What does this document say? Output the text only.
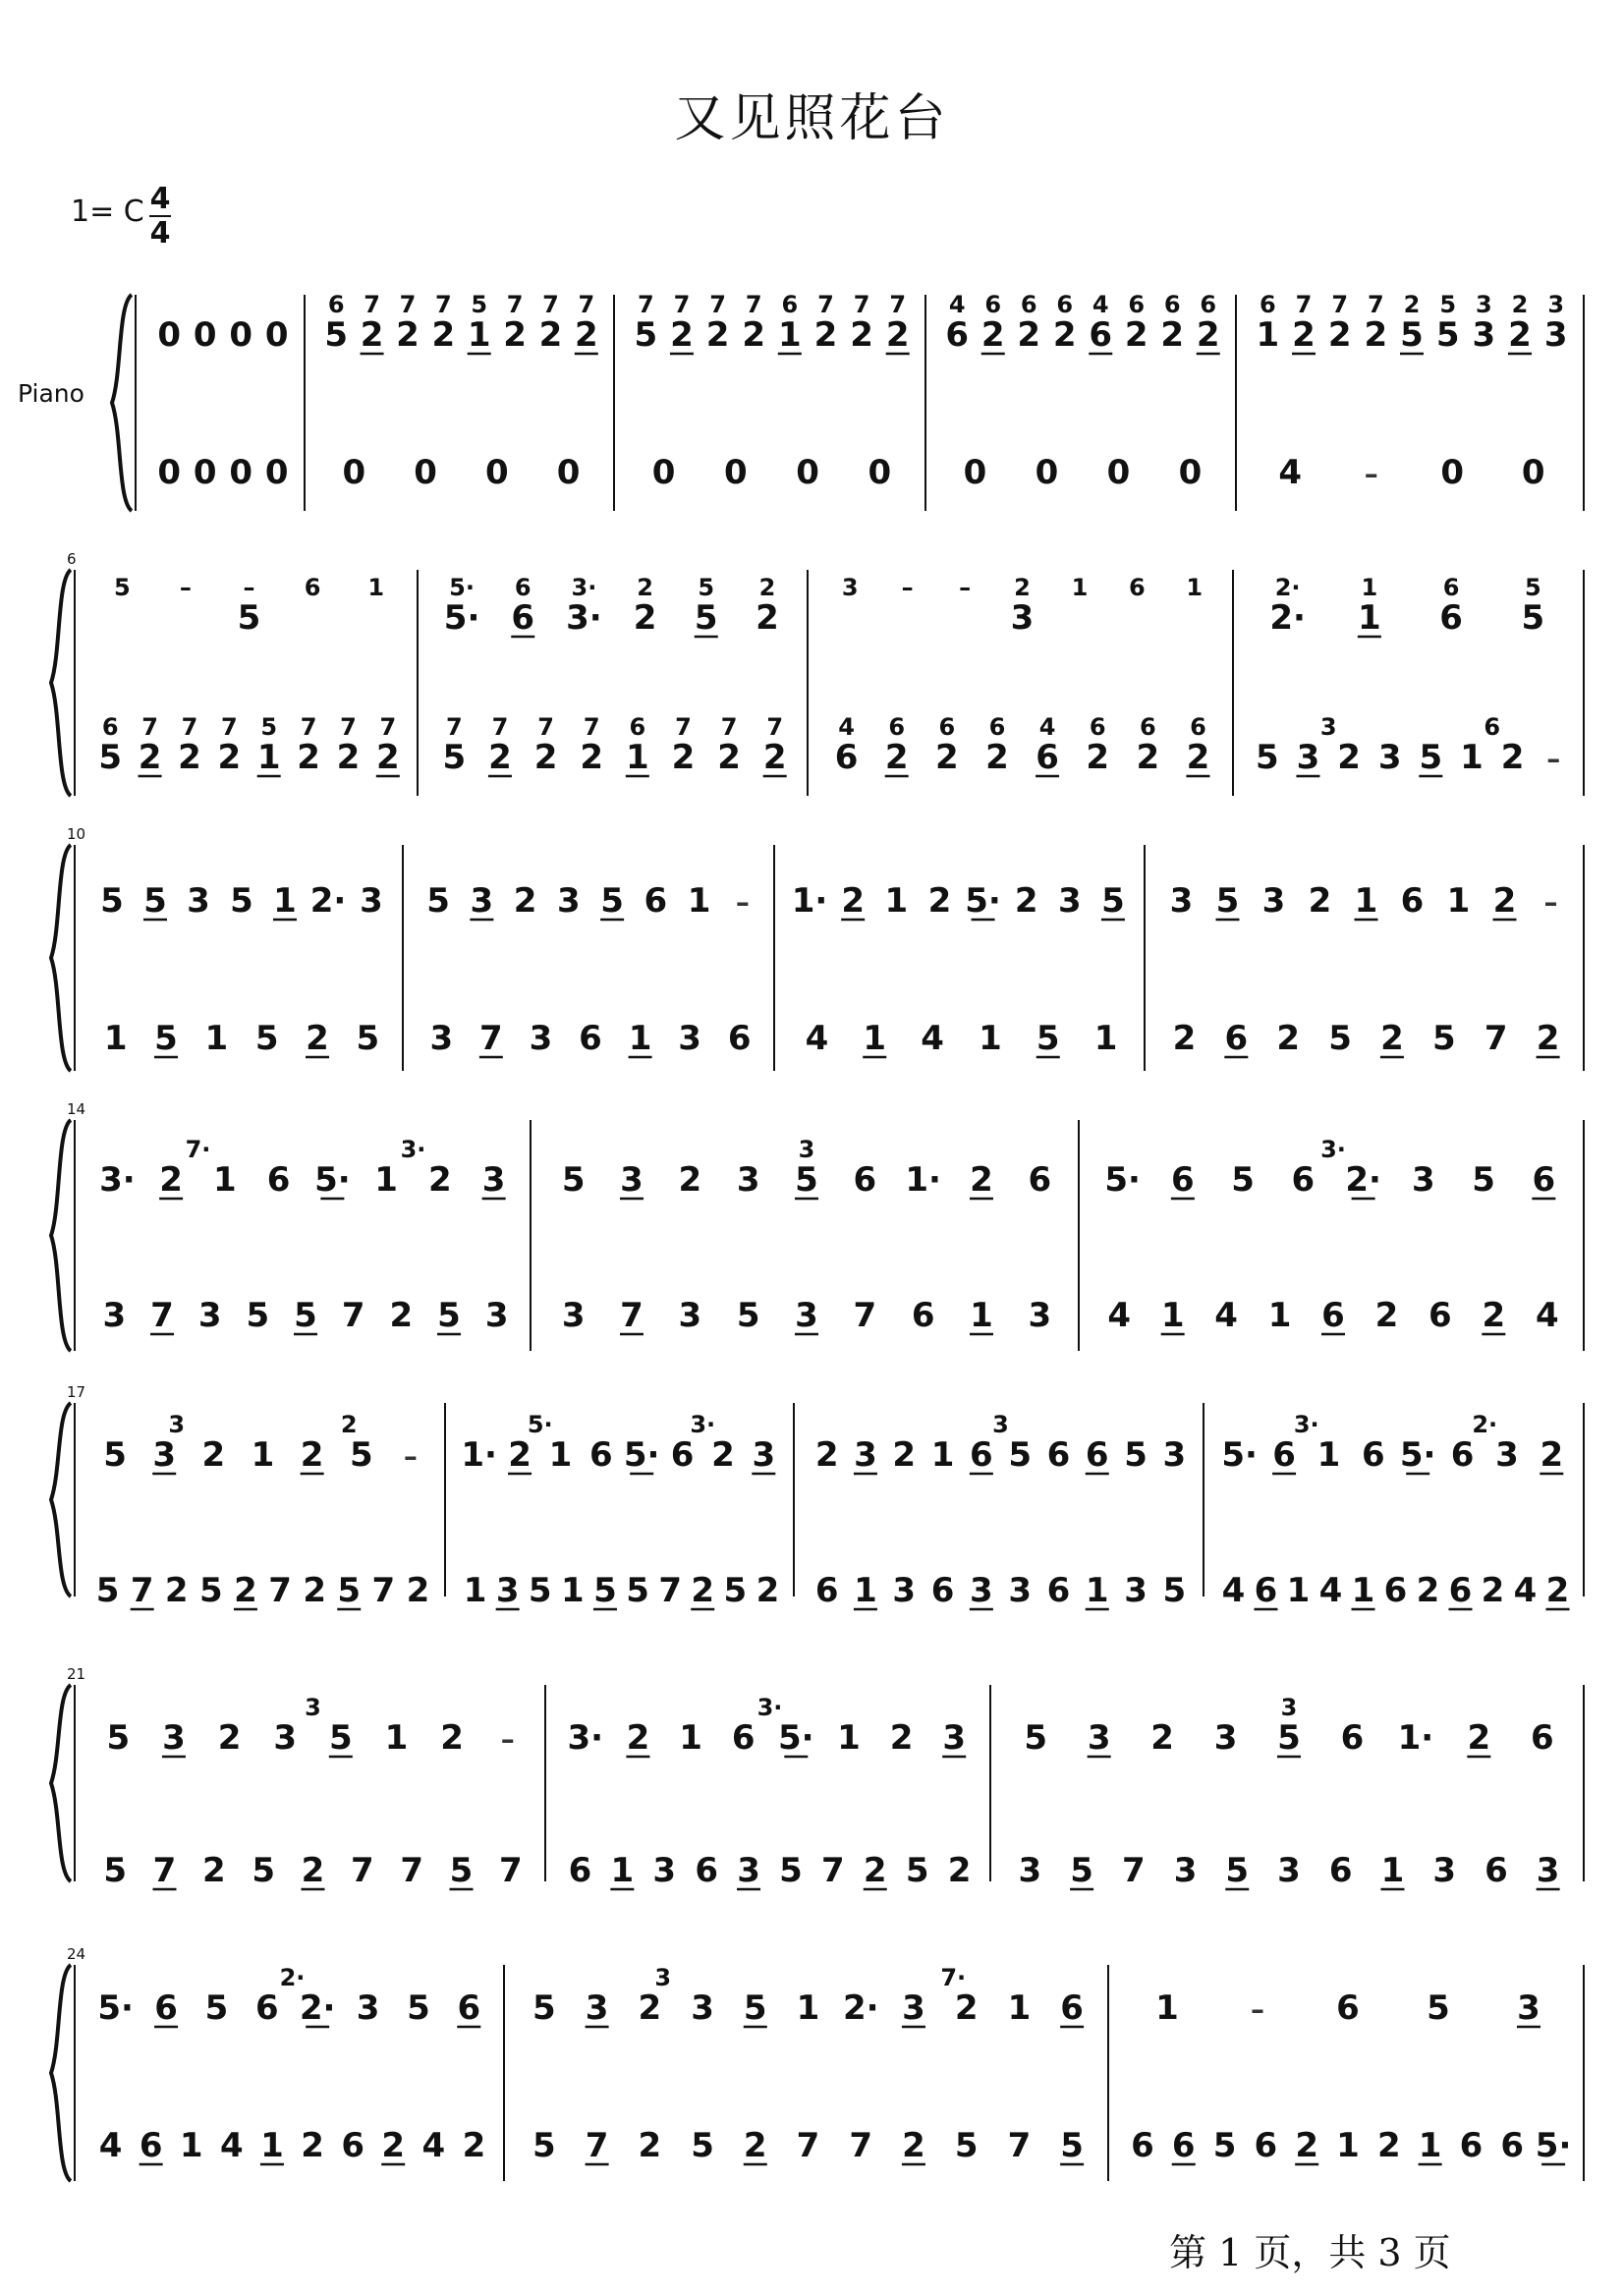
又见照花台
1= C 4
4
Piano
0 0 0 0
0 0 0 0
5 2 2 2 1 2 2 2
6 7 7 7 5 7 7 7
0 0 0 0
5 2 2 2 1 2 2 2
7 7 7 7 6 7 7 7
0 0 0 0
6 2 2 2 6 2 2 2
4 6 6 6 4 6 6 6
0 0 0 0
1 2 2 2 5 5 3 2 3
6 7 7 7 2 5 3 2 3
4 – 0 0
6
5
5 – – 6 1
5 2 2 2 1 2 2 2
6 7 7 7 5 7 7 7
5· 6 3· 2 5 2
5· 6 3· 2 5 2
5 2 2 2 1 2 2 2
7 7 7 7 6 7 7 7
3
3 – – 2 1 6 1
6 2 2 2 6 2 2 2
4 6 6 6 4 6 6 6
2· 1 6 5
2·	1	6	5
5 3 2 3 5 1 2 –
3	6
10
5 5 3 5 1 2· 3
1 5 1 5 2 5
5 3 2 3 5 6 1 –
3 7 3 6 1 3 6
1· 2 1 2 5· 2 3 5
4 1 4 1 5 1
3 5 3 2 1 6 1 2 –
2 6 2 5 2 5 7 2
14
3· 2 1 6 5· 1 2 3
7·	3·
3 7 3 5 5 7 2 5 3
5 3 2 3 5 6 1· 2 6
3
3 7 3 5 3 7 6 1 3
5· 6 5 6 2· 3 5 6
3·
4 1 4 1 6 2 6 2 4
17
5 3 2 1 2 5 –
3	2
5 7 2 5 2 7 2 5 7 2
1· 2 1 6 5· 6 2 3
5·	3·
1 3 5 1 5 5 7 2 5 2
2 3 2 1 6 5 6 6 5 3
3
6 1 3 6 3 3 6 1 3 5
5· 6 1 6 5· 6 3 2
3·	2·
4 6 1 4 1 6 2 6 2 4 2
21
5 3 2 3 5 1 2 –
3
5 7 2 5 2 7 7 5 7
3· 2 1 6 5· 1 2 3
3·
6 1 3 6 3 5 7 2 5 2
5 3 2 3 5 6 1· 2 6
3
3 5 7 3 5 3 6 1 3 6 3
24
5· 6 5 6 2· 3 5 6
2·
4 6 1 4 1 2 6 2 4 2
5 3 2 3 5 1 2· 3 2 1 6
3	7·
5 7 2 5 2 7 7 2 5 7 5
1	– 6 5 3
6 6 5 6 2 1 2 1 6 6 5·
第 1 页，共 3 页
